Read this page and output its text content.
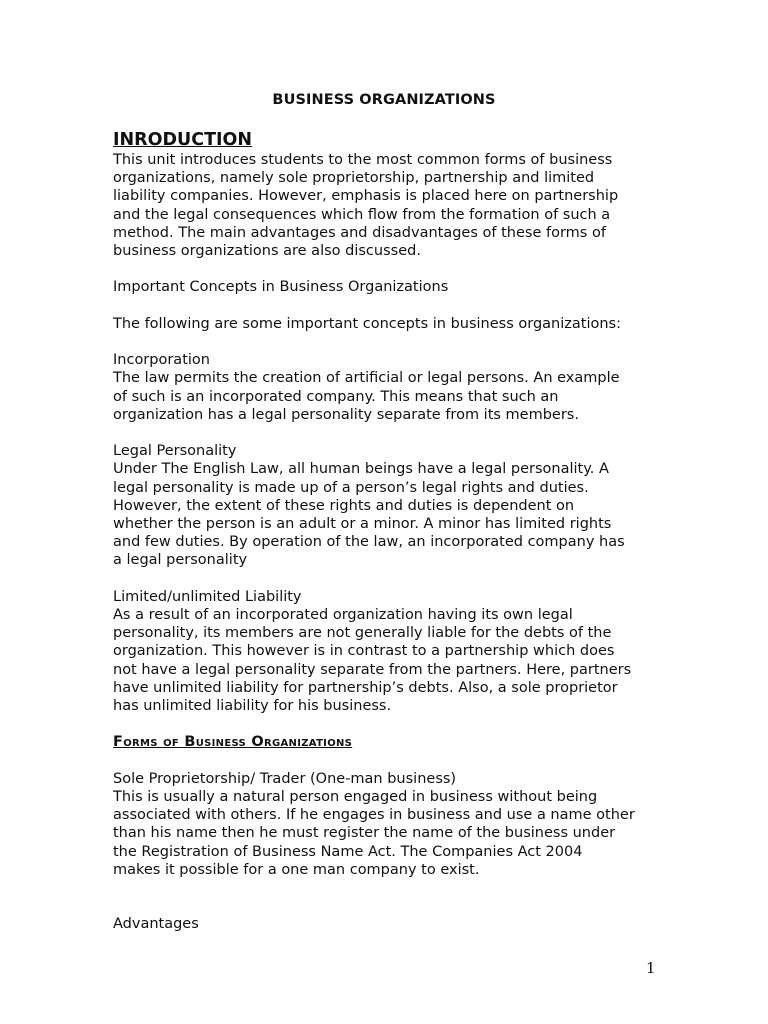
BUSINESS ORGANIZATIONS
INRODUCTION

This unit introduces students to the most common forms of business
organizations, namely sole proprietorship, partnership and limited
liability companies. However, emphasis is placed here on partnership
and the legal consequences which flow from the formation of such a
method. The main advantages and disadvantages of these forms of
business organizations are also discussed.

Important Concepts in Business Organizations

The following are some important concepts in business organizations:

Incorporation

The law permits the creation of artificial or legal persons. An example
of such is an incorporated company. This means that such an
organization has a legal personality separate from its members.

Legal Personality

Under The English Law, all human beings have a legal personality. A
legal personality is made up of a person’s legal rights and duties.
However, the extent of these rights and duties is dependent on
whether the person is an adult or a minor. A minor has limited rights
and few duties. By operation of the law, an incorporated company has
a legal personality

Limited/unlimited Liability

As a result of an incorporated organization having its own legal
personality, its members are not generally liable for the debts of the
organization. This however is in contrast to a partnership which does
not have a legal personality separate from the partners. Here, partners
have unlimited liability for partnership’s debts. Also, a sole proprietor
has unlimited liability for his business.

Forms of Business Organizations

Sole Proprietorship/ Trader (One-man business)

This is usually a natural person engaged in business without being
associated with others. If he engages in business and use a name other
than his name then he must register the name of the business under
the Registration of Business Name Act. The Companies Act 2004
makes it possible for a one man company to exist.

Advantages

1
